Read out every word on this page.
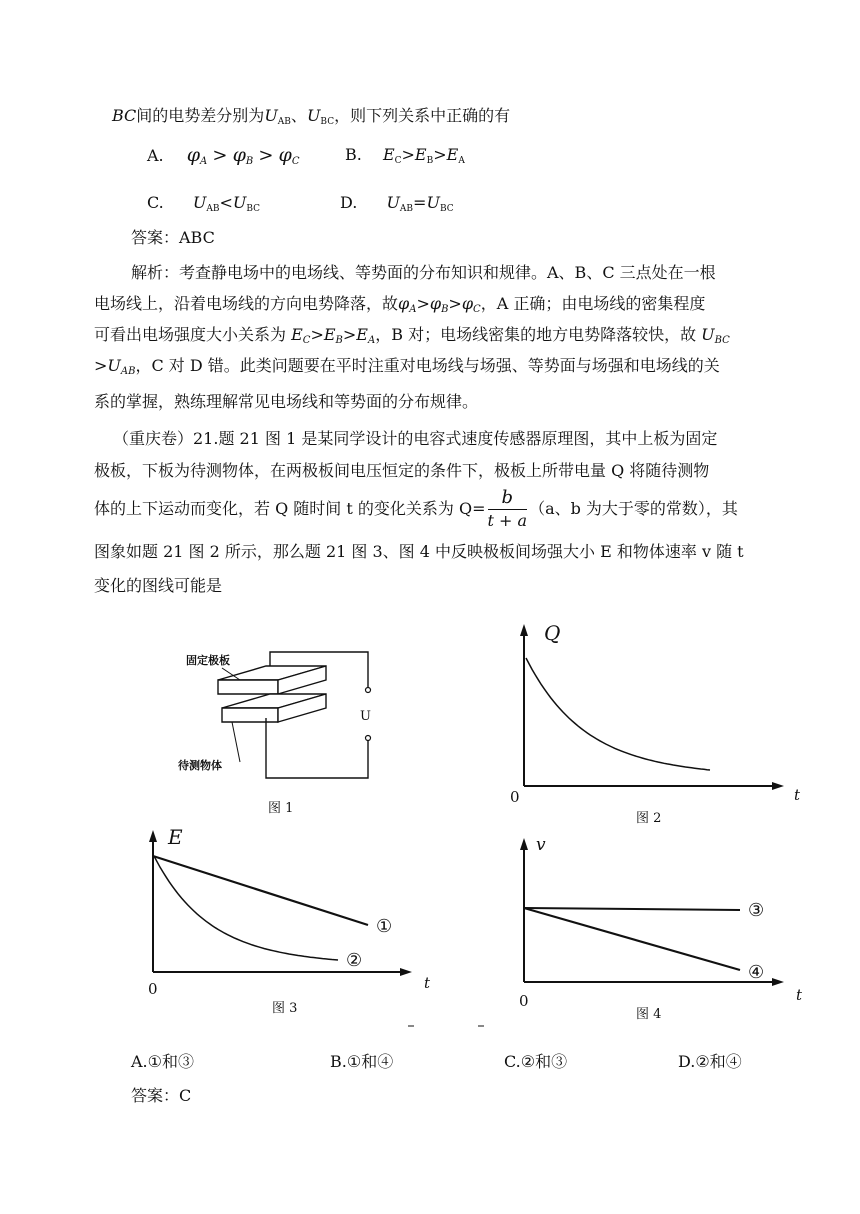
BC间的电势差分别为UAB、UBC，则下列关系中正确的有
A. $\varphi_A > \varphi_B > \varphi_C$	B. EC>EB>EA
C. UAB<UBC	D. UAB=UBC
答案：ABC
解析：考查静电场中的电场线、等势面的分布知识和规律。A、B、C 三点处在一根
电场线上，沿着电场线的方向电势降落，故$\varphi_A>\varphi_B>\varphi_C$，A 正确；由电场线的密集程度
可看出电场强度大小关系为 $E_C>E_B>E_A$，B 对；电场线密集的地方电势降落较快，故 $U_{BC}$
$>U_{AB}$，C 对 D 错。此类问题要在平时注重对电场线与场强、等势面与场强和电场线的关
系的掌握，熟练理解常见电场线和等势面的分布规律。
（重庆卷）21.题 21 图 1 是某同学设计的电容式速度传感器原理图，其中上板为固定
极板，下板为待测物体，在两极板间电压恒定的条件下，极板上所带电量 Q 将随待测物
体的上下运动而变化，若 Q 随时间 t 的变化关系为 $Q= \frac{b}{t + a} (a$、b 为大于零的常数），其
图象如题 21 图 2 所示，那么题 21 图 3、图 4 中反映极板间场强大小 E 和物体速率 v 随 t
变化的图线可能是
U
固定极板
待测物体
图 1
Q
t
0
图 2
E
t
0
①
②
图 3
v
t
0
③
④
图 4
A.①和③	B.①和④	C.②和③	D.②和④
答案：C
